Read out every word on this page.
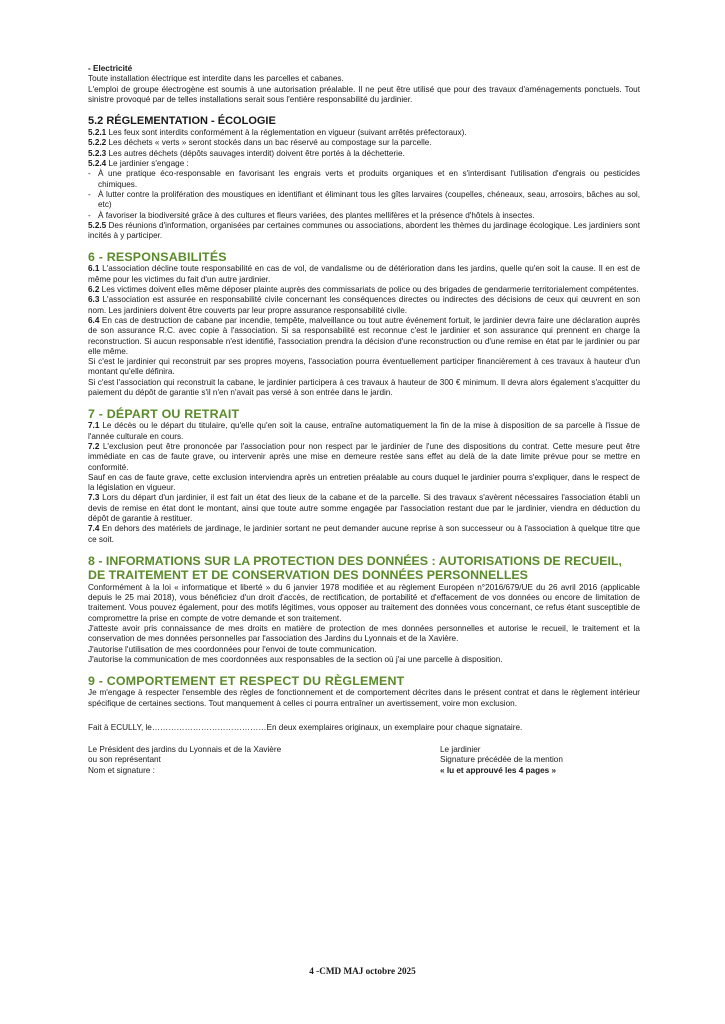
- Electricité

Toute installation électrique est interdite dans les parcelles et cabanes.

L'emploi de groupe électrogène est soumis à une autorisation préalable. Il ne peut être utilisé que pour des travaux d'aménagements ponctuels. Tout sinistre provoqué par de telles installations serait sous l'entière responsabilité du jardinier.

5.2 RÉGLEMENTATION - ÉCOLOGIE

5.2.1 Les feux sont interdits conformément à la réglementation en vigueur (suivant arrêtés préfectoraux).

5.2.2 Les déchets « verts » seront stockés dans un bac réservé au compostage sur la parcelle.

5.2.3 Les autres déchets (dépôts sauvages interdit) doivent être portés à la déchetterie.

5.2.4 Le jardinier s'engage :

- À une pratique éco-responsable en favorisant les engrais verts et produits organiques et en s'interdisant l'utilisation d'engrais ou pesticides chimiques.

- À lutter contre la prolifération des moustiques en identifiant et éliminant tous les gîtes larvaires (coupelles, chéneaux, seau, arrosoirs, bâches au sol, etc)

- À favoriser la biodiversité grâce à des cultures et fleurs variées, des plantes mellifères et la présence d'hôtels à insectes.

5.2.5 Des réunions d'information, organisées par certaines communes ou associations, abordent les thèmes du jardinage écologique. Les jardiniers sont incités à y participer.

6 - RESPONSABILITÉS

6.1 L'association décline toute responsabilité en cas de vol, de vandalisme ou de détérioration dans les jardins, quelle qu'en soit la cause. Il en est de même pour les victimes du fait d'un autre jardinier.

6.2 Les victimes doivent elles même déposer plainte auprès des commissariats de police ou des brigades de gendarmerie territorialement compétentes.

6.3 L'association est assurée en responsabilité civile concernant les conséquences directes ou indirectes des décisions de ceux qui œuvrent en son nom. Les jardiniers doivent être couverts par leur propre assurance responsabilité civile.

6.4 En cas de destruction de cabane par incendie, tempête, malveillance ou tout autre événement fortuit, le jardinier devra faire une déclaration auprès de son assurance R.C. avec copie à l'association. Si sa responsabilité est reconnue c'est le jardinier et son assurance qui prennent en charge la reconstruction. Si aucun responsable n'est identifié, l'association prendra la décision d'une reconstruction ou d'une remise en état par le jardinier ou par elle même.

Si c'est le jardinier qui reconstruit par ses propres moyens, l'association pourra éventuellement participer financièrement à ces travaux à hauteur d'un montant qu'elle définira.

Si c'est l'association qui reconstruit la cabane, le jardinier participera à ces travaux à hauteur de 300 € minimum. Il devra alors également s'acquitter du paiement du dépôt de garantie s'il n'en n'avait pas versé à son entrée dans le jardin.

7 - DÉPART OU RETRAIT

7.1 Le décès ou le départ du titulaire, qu'elle qu'en soit la cause, entraîne automatiquement la fin de la mise à disposition de sa parcelle à l'issue de l'année culturale en cours.

7.2 L'exclusion peut être prononcée par l'association pour non respect par le jardinier de l'une des dispositions du contrat. Cette mesure peut être immédiate en cas de faute grave, ou intervenir après une mise en demeure restée sans effet au delà de la date limite prévue pour se mettre en conformité.

Sauf en cas de faute grave, cette exclusion interviendra après un entretien préalable au cours duquel le jardinier pourra s'expliquer, dans le respect de la législation en vigueur.

7.3 Lors du départ d'un jardinier, il est fait un état des lieux de la cabane et de la parcelle. Si des travaux s'avèrent nécessaires l'association établi un devis de remise en état dont le montant, ainsi que toute autre somme engagée par l'association restant due par le jardinier, viendra en déduction du dépôt de garantie à restituer.

7.4 En dehors des matériels de jardinage, le jardinier sortant ne peut demander aucune reprise à son successeur ou à l'association à quelque titre que ce soit.

8 - INFORMATIONS SUR LA PROTECTION DES DONNÉES : AUTORISATIONS DE RECUEIL, DE TRAITEMENT ET DE CONSERVATION DES DONNÉES PERSONNELLES

Conformément à la loi « informatique et liberté » du 6 janvier 1978 modifiée et au règlement Européen n°2016/679/UE du 26 avril 2016 (applicable depuis le 25 mai 2018), vous bénéficiez d'un droit d'accès, de rectification, de portabilité et d'effacement de vos données ou encore de limitation de traitement. Vous pouvez également, pour des motifs légitimes, vous opposer au traitement des données vous concernant, ce refus étant susceptible de compromettre la prise en compte de votre demande et son traitement.

J'atteste avoir pris connaissance de mes droits en matière de protection de mes données personnelles et autorise le recueil, le traitement et la conservation de mes données personnelles par l'association des Jardins du Lyonnais et de la Xavière.

J'autorise l'utilisation de mes coordonnées pour l'envoi de toute communication.

J'autorise la communication de mes coordonnées aux responsables de la section où j'ai une parcelle à disposition.

9 - COMPORTEMENT ET RESPECT DU RÈGLEMENT

Je m'engage à respecter l'ensemble des règles de fonctionnement et de comportement décrites dans le présent contrat et dans le règlement intérieur spécifique de certaines sections. Tout manquement à celles ci pourra entraîner un avertissement, voire mon exclusion.

Fait à ECULLY, le……………………………………En deux exemplaires originaux, un exemplaire pour chaque signataire.

Le Président des jardins du Lyonnais et de la Xavière
ou son représentant
Nom et signature :
Le jardinier
Signature précédée de la mention
« lu et approuvé les 4 pages »
4 -CMD MAJ octobre 2025
